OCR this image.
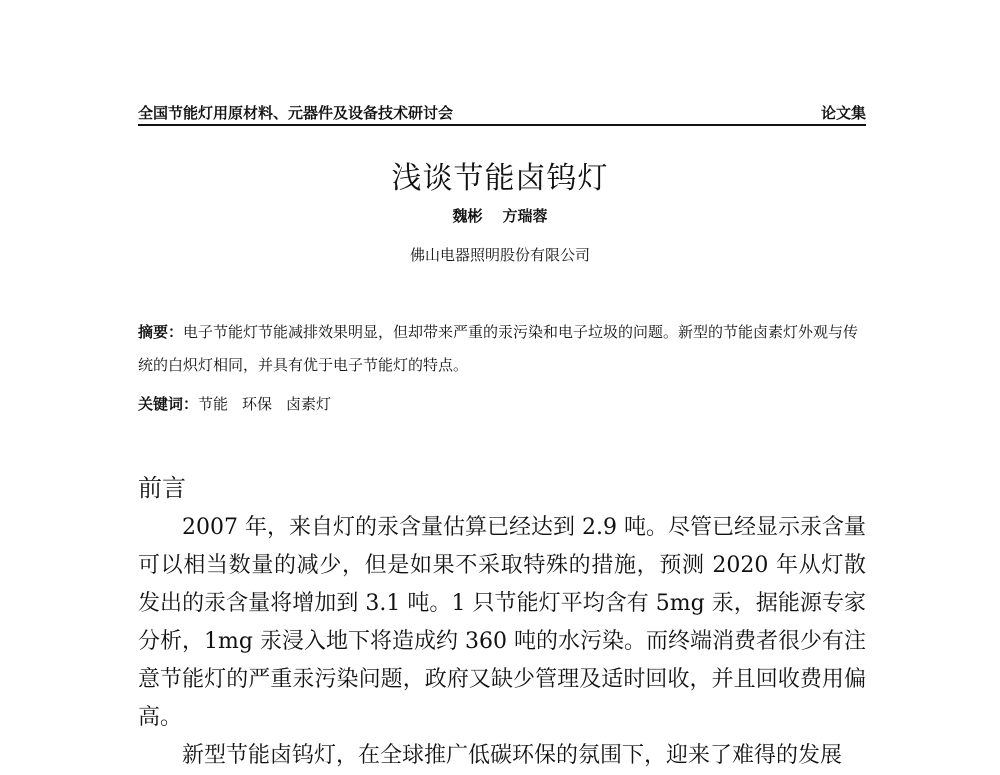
全国节能灯用原材料、元器件及设备技术研讨会	论文集
浅谈节能卤钨灯
魏彬 方瑞蓉
佛山电器照明股份有限公司
摘要：电子节能灯节能减排效果明显，但却带来严重的汞污染和电子垃圾的问题。新型的节能卤素灯外观与传统的白炽灯相同，并具有优于电子节能灯的特点。
关键词：节能 环保 卤素灯
前言

2007 年，来自灯的汞含量估算已经达到 2.9 吨。尽管已经显示汞含量可以相当数量的减少，但是如果不采取特殊的措施，预测 2020 年从灯散发出的汞含量将增加到 3.1 吨。1 只节能灯平均含有 5mg 汞，据能源专家分析，1mg 汞浸入地下将造成约 360 吨的水污染。而终端消费者很少有注意节能灯的严重汞污染问题，政府又缺少管理及适时回收，并且回收费用偏高。

新型节能卤钨灯，在全球推广低碳环保的氛围下，迎来了难得的发展
